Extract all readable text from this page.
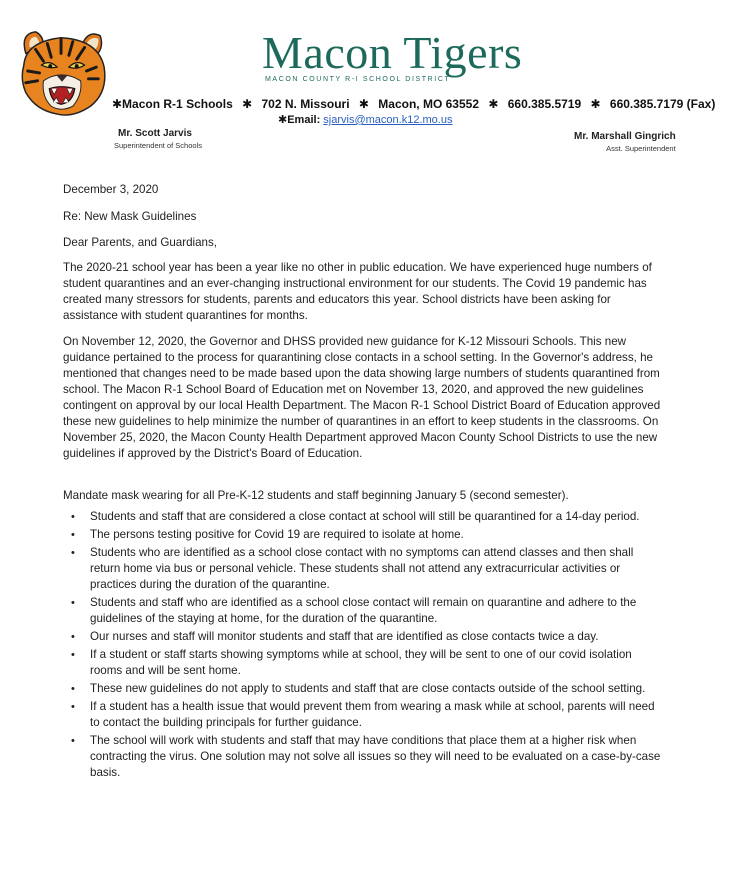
Macon Tigers
MACON COUNTY R-I SCHOOL DISTRICT
✱Macon R-1 Schools ✱ 702 N. Missouri ✱ Macon, MO 63552 ✱ 660.385.5719 ✱ 660.385.7179 (Fax)
✱Email: sjarvis@macon.k12.mo.us
Mr. Scott Jarvis
Superintendent of Schools
Mr. Marshall Gingrich
Asst. Superintendent

December 3, 2020

Re: New Mask Guidelines

Dear Parents, and Guardians,

The 2020-21 school year has been a year like no other in public education. We have experienced huge numbers of student quarantines and an ever-changing instructional environment for our students. The Covid 19 pandemic has created many stressors for students, parents and educators this year. School districts have been asking for assistance with student quarantines for months.

On November 12, 2020, the Governor and DHSS provided new guidance for K-12 Missouri Schools. This new guidance pertained to the process for quarantining close contacts in a school setting. In the Governor's address, he mentioned that changes need to be made based upon the data showing large numbers of students quarantined from school. The Macon R-1 School Board of Education met on November 13, 2020, and approved the new guidelines contingent on approval by our local Health Department. The Macon R-1 School District Board of Education approved these new guidelines to help minimize the number of quarantines in an effort to keep students in the classrooms. On November 25, 2020, the Macon County Health Department approved Macon County School Districts to use the new guidelines if approved by the District's Board of Education.

Mandate mask wearing for all Pre-K-12 students and staff beginning January 5 (second semester).

• Students and staff that are considered a close contact at school will still be quarantined for a 14-day period.
• The persons testing positive for Covid 19 are required to isolate at home.
• Students who are identified as a school close contact with no symptoms can attend classes and then shall return home via bus or personal vehicle. These students shall not attend any extracurricular activities or practices during the duration of the quarantine.
• Students and staff who are identified as a school close contact will remain on quarantine and adhere to the guidelines of the staying at home, for the duration of the quarantine.
• Our nurses and staff will monitor students and staff that are identified as close contacts twice a day.
• If a student or staff starts showing symptoms while at school, they will be sent to one of our covid isolation rooms and will be sent home.
• These new guidelines do not apply to students and staff that are close contacts outside of the school setting.
• If a student has a health issue that would prevent them from wearing a mask while at school, parents will need to contact the building principals for further guidance.
• The school will work with students and staff that may have conditions that place them at a higher risk when contracting the virus. One solution may not solve all issues so they will need to be evaluated on a case-by-case basis.
